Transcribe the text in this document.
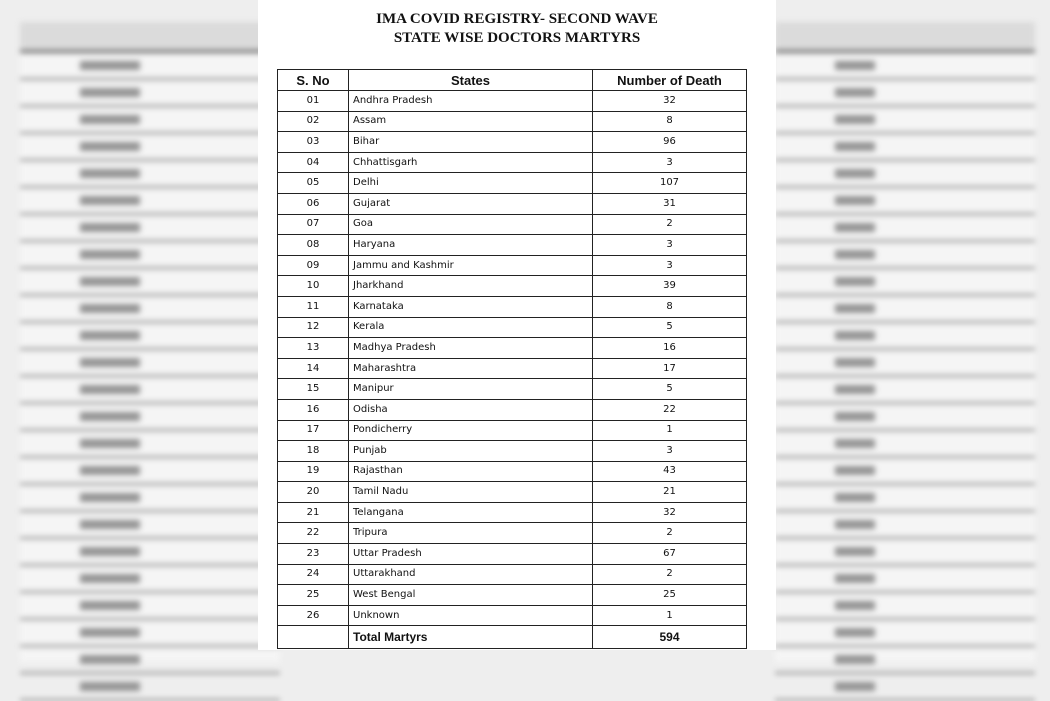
IMA COVID REGISTRY- SECOND WAVE
STATE WISE DOCTORS MARTYRS
S. No	States	Number of Death
01	Andhra Pradesh	32
02	Assam	8
03	Bihar	96
04	Chhattisgarh	3
05	Delhi	107
06	Gujarat	31
07	Goa	2
08	Haryana	3
09	Jammu and Kashmir	3
10	Jharkhand	39
11	Karnataka	8
12	Kerala	5
13	Madhya Pradesh	16
14	Maharashtra	17
15	Manipur	5
16	Odisha	22
17	Pondicherry	1
18	Punjab	3
19	Rajasthan	43
20	Tamil Nadu	21
21	Telangana	32
22	Tripura	2
23	Uttar Pradesh	67
24	Uttarakhand	2
25	West Bengal	25
26	Unknown	1
	Total Martyrs	594
